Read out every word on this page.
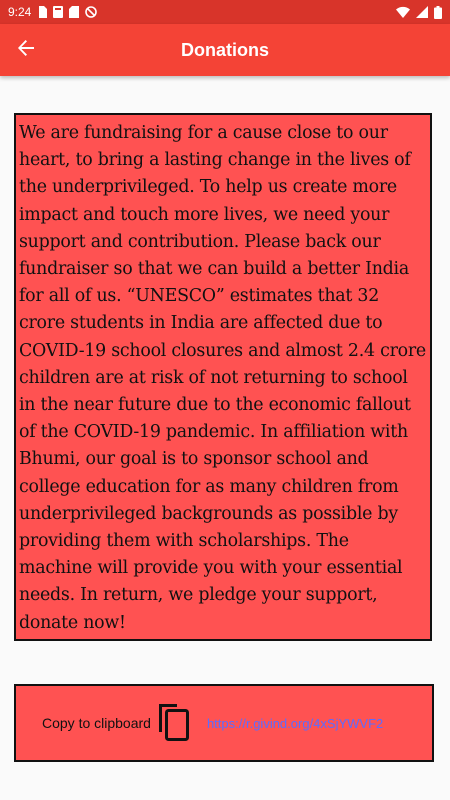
9:24
Donations
We are fundraising for a cause close to our heart, to bring a lasting change in the lives of the underprivileged. To help us create more impact and touch more lives, we need your support and contribution. Please back our fundraiser so that we can build a better India for all of us. “UNESCO” estimates that 32 crore students in India are affected due to COVID-19 school closures and almost 2.4 crore children are at risk of not returning to school in the near future due to the economic fallout of the COVID-19 pandemic. In affiliation with Bhumi, our goal is to sponsor school and college education for as many children from underprivileged backgrounds as possible by providing them with scholarships. The machine will provide you with your essential needs. In return, we pledge your support, donate now!
Copy to clipboard	https://r.givind.org/4xSjYWVF2
